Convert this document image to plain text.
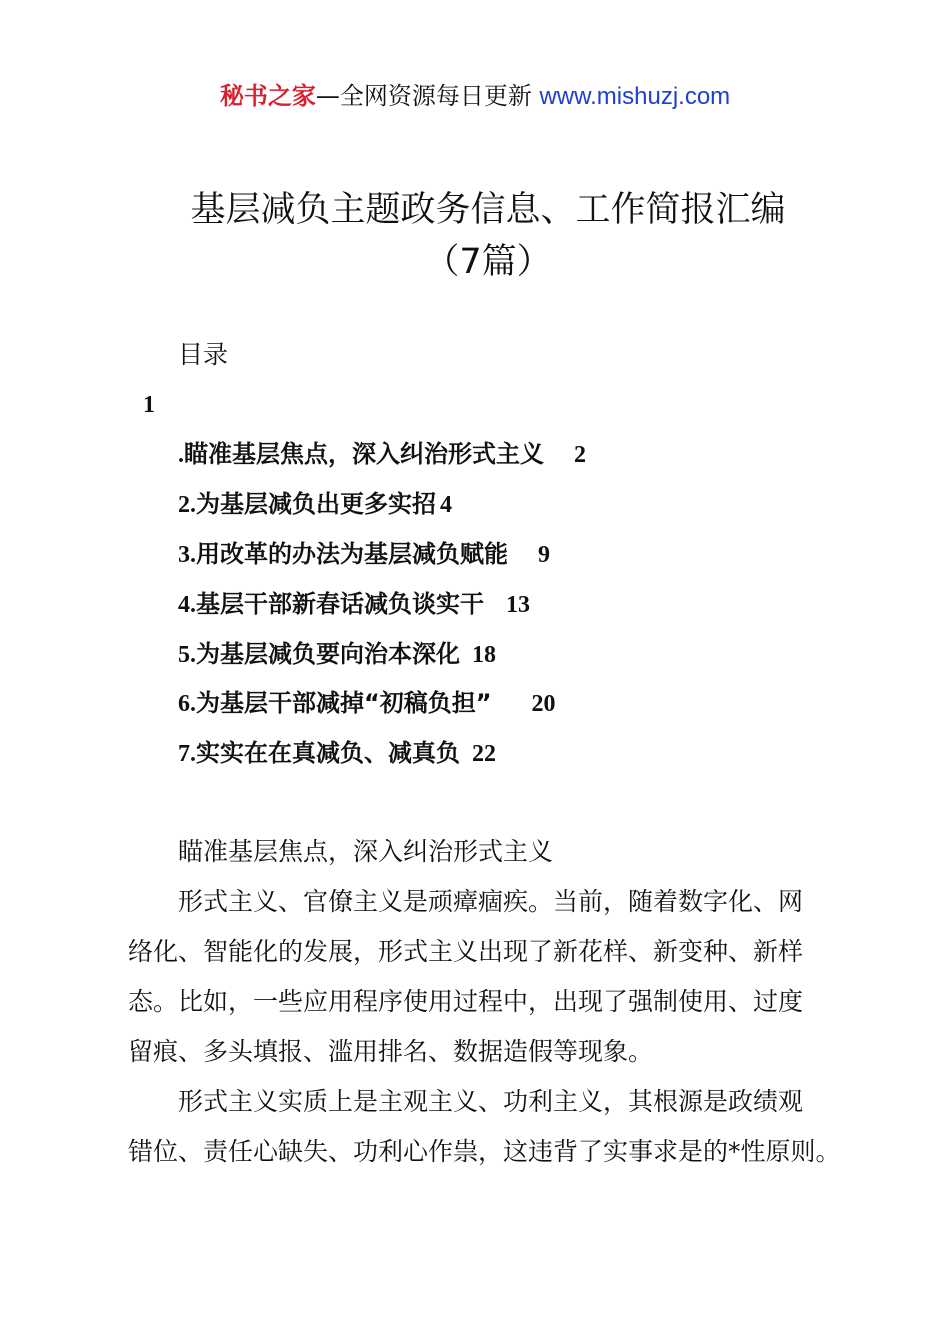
秘书之家—全网资源每日更新 www.mishuzj.com
基层减负主题政务信息、工作简报汇编
（7篇）
目录
1
.瞄准基层焦点，深入纠治形式主义 2
2.为基层减负出更多实招 4
3.用改革的办法为基层减负赋能 9
4.基层干部新春话减负谈实干 13
5.为基层减负要向治本深化 18
6.为基层干部减掉“初稿负担” 20
7.实实在在真减负、减真负 22
瞄准基层焦点，深入纠治形式主义
形式主义、官僚主义是顽瘴痼疾。当前，随着数字化、网
络化、智能化的发展，形式主义出现了新花样、新变种、新样
态。比如，一些应用程序使用过程中，出现了强制使用、过度
留痕、多头填报、滥用排名、数据造假等现象。
形式主义实质上是主观主义、功利主义，其根源是政绩观
错位、责任心缺失、功利心作祟，这违背了实事求是的*性原则。
